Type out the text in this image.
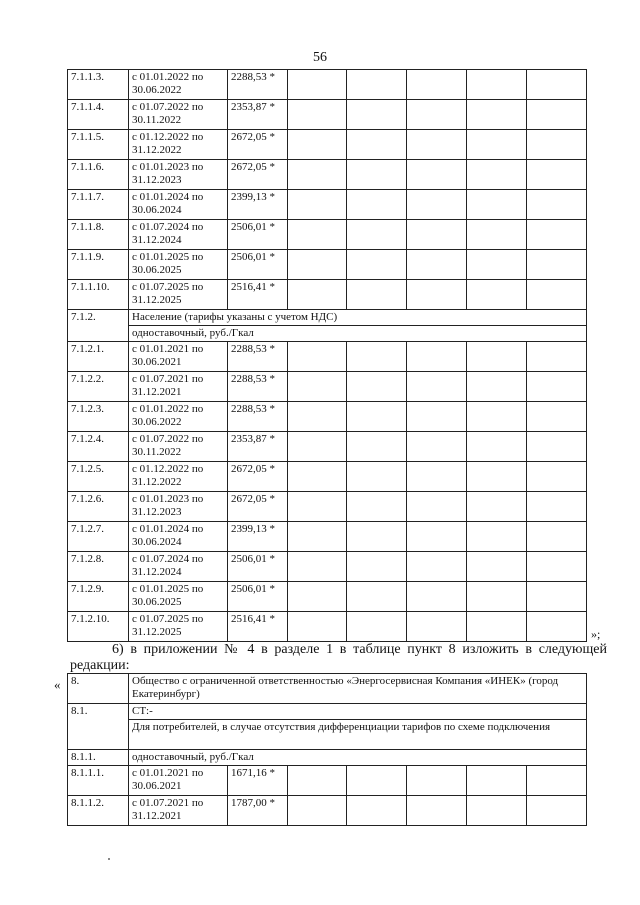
56
7.1.1.3.	с 01.01.2022 по 30.06.2022	2288,53 *					
7.1.1.4.	с 01.07.2022 по 30.11.2022	2353,87 *					
7.1.1.5.	с 01.12.2022 по 31.12.2022	2672,05 *					
7.1.1.6.	с 01.01.2023 по 31.12.2023	2672,05 *					
7.1.1.7.	с 01.01.2024 по 30.06.2024	2399,13 *					
7.1.1.8.	с 01.07.2024 по 31.12.2024	2506,01 *					
7.1.1.9.	с 01.01.2025 по 30.06.2025	2506,01 *					
7.1.1.10.	с 01.07.2025 по 31.12.2025	2516,41 *					
7.1.2.	Население (тарифы указаны с учетом НДС)						
	одноставочный, руб./Гкал						
7.1.2.1.	с 01.01.2021 по 30.06.2021	2288,53 *					
7.1.2.2.	с 01.07.2021 по 31.12.2021	2288,53 *					
7.1.2.3.	с 01.01.2022 по 30.06.2022	2288,53 *					
7.1.2.4.	с 01.07.2022 по 30.11.2022	2353,87 *					
7.1.2.5.	с 01.12.2022 по 31.12.2022	2672,05 *					
7.1.2.6.	с 01.01.2023 по 31.12.2023	2672,05 *					
7.1.2.7.	с 01.01.2024 по 30.06.2024	2399,13 *					
7.1.2.8.	с 01.07.2024 по 31.12.2024	2506,01 *					
7.1.2.9.	с 01.01.2025 по 30.06.2025	2506,01 *					
7.1.2.10.	с 01.07.2025 по 31.12.2025	2516,41 *					
»;
6) в приложении № 4 в разделе 1 в таблице пункт 8 изложить в следующей
редакции:
« 8.	Общество с ограниченной ответственностью «Энергосервисная Компания «ИНЕК» (город Екатеринбург)						
8.1.	СТ:-						
	Для потребителей, в случае отсутствия дифференциации тарифов по схеме подключения						
8.1.1.	одноставочный, руб./Гкал						
8.1.1.1.	с 01.01.2021 по 30.06.2021	1671,16 *					
8.1.1.2.	с 01.07.2021 по 31.12.2021	1787,00 *					
